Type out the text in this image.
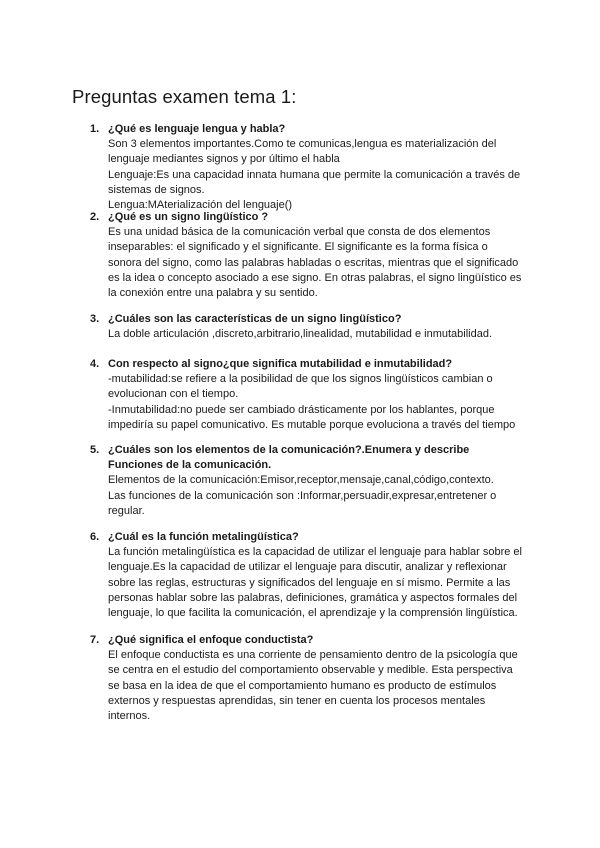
Preguntas examen tema 1:
1. ¿Qué es lenguaje lengua y habla?
Son 3 elementos importantes.Como te comunicas,lengua es materialización del
lenguaje mediantes signos y por último el habla
Lenguaje:Es una capacidad innata humana que permite la comunicación a través de
sistemas de signos.
Lengua:MAterialización del lenguaje()
2. ¿Qué es un signo lingüístico ?
Es una unidad básica de la comunicación verbal que consta de dos elementos
inseparables: el significado y el significante. El significante es la forma física o
sonora del signo, como las palabras habladas o escritas, mientras que el significado
es la idea o concepto asociado a ese signo. En otras palabras, el signo lingüístico es
la conexión entre una palabra y su sentido.
3. ¿Cuáles son las características de un signo lingüístico?
La doble articulación ,discreto,arbitrario,linealidad, mutabilidad e inmutabilidad.
4. Con respecto al signo¿que significa mutabilidad e inmutabilidad?
-mutabilidad:se refiere a la posibilidad de que los signos lingüísticos cambian o
evolucionan con el tiempo.
-Inmutabilidad:no puede ser cambiado drásticamente por los hablantes, porque
impediría su papel comunicativo. Es mutable porque evoluciona a través del tiempo
5. ¿Cuáles son los elementos de la comunicación?.Enumera y describe
Funciones de la comunicación.
Elementos de la comunicación:Emisor,receptor,mensaje,canal,código,contexto.
Las funciones de la comunicación son :Informar,persuadir,expresar,entretener o
regular.
6. ¿Cuál es la función metalingüística?
La función metalingüística es la capacidad de utilizar el lenguaje para hablar sobre el
lenguaje.Es la capacidad de utilizar el lenguaje para discutir, analizar y reflexionar
sobre las reglas, estructuras y significados del lenguaje en sí mismo. Permite a las
personas hablar sobre las palabras, definiciones, gramática y aspectos formales del
lenguaje, lo que facilita la comunicación, el aprendizaje y la comprensión lingüística.
7. ¿Qué significa el enfoque conductista?
El enfoque conductista es una corriente de pensamiento dentro de la psicología que
se centra en el estudio del comportamiento observable y medible. Esta perspectiva
se basa en la idea de que el comportamiento humano es producto de estímulos
externos y respuestas aprendidas, sin tener en cuenta los procesos mentales
internos.
